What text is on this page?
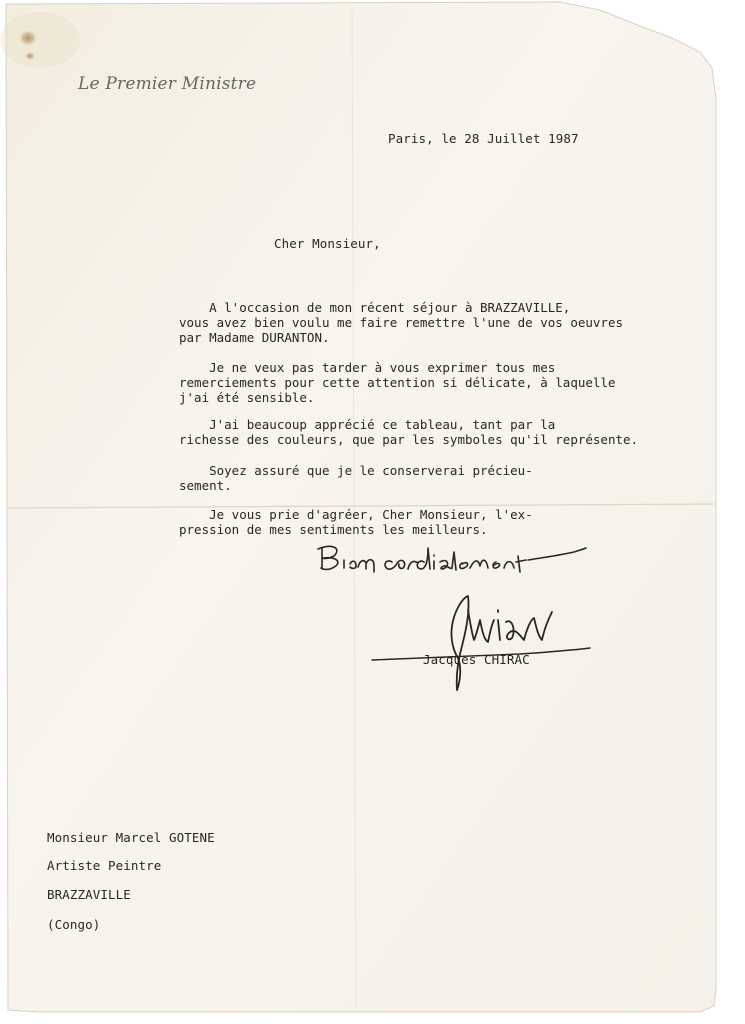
Le Premier Ministre
Paris, le 28 Juillet 1987
Cher Monsieur,
A l'occasion de mon récent séjour à BRAZZAVILLE,
vous avez bien voulu me faire remettre l'une de vos oeuvres
par Madame DURANTON.
Je ne veux pas tarder à vous exprimer tous mes
remerciements pour cette attention si délicate, à laquelle
j'ai été sensible.
J'ai beaucoup apprécié ce tableau, tant par la
richesse des couleurs, que par les symboles qu'il représente.
Soyez assuré que je le conserverai précieu-
sement.
Je vous prie d'agréer, Cher Monsieur, l'ex-
pression de mes sentiments les meilleurs.
Jacques CHIRAC
Monsieur Marcel GOTENE
Artiste Peintre
BRAZZAVILLE
(Congo)
